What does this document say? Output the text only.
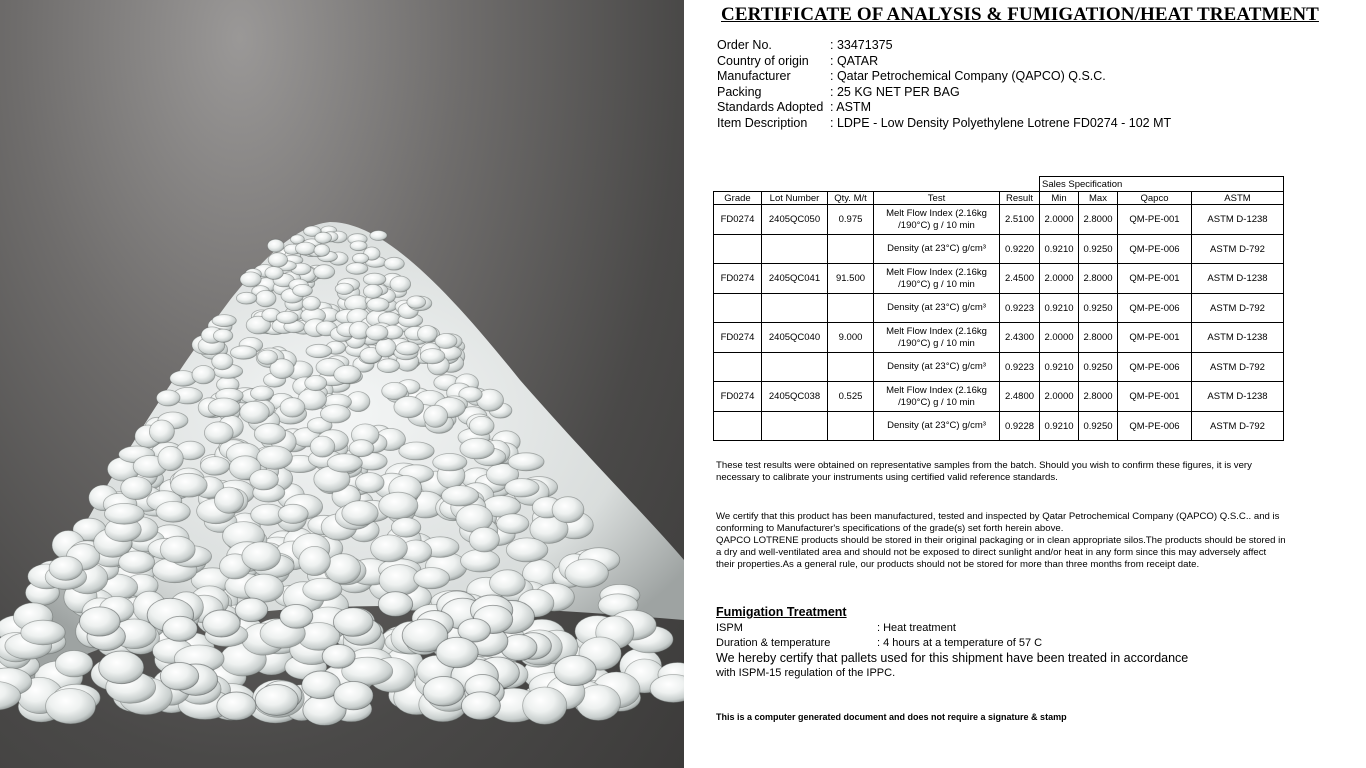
CERTIFICATE OF ANALYSIS & FUMIGATION/HEAT TREATMENT
Order No.	: 33471375
Country of origin	: QATAR
Manufacturer	: Qatar Petrochemical Company (QAPCO) Q.S.C.
Packing	: 25 KG NET PER BAG
Standards Adopted : ASTM
Item Description	: LDPE - Low Density Polyethylene Lotrene FD0274 - 102 MT
					Sales Specification			
Grade	Lot Number	Qty. M/t	Test	Result	Min	Max	Qapco	ASTM
FD0274	2405QC050	0.975	Melt Flow Index (2.16kg /190°C) g / 10 min	2.5100	2.0000	2.8000	QM-PE-001	ASTM D-1238
			Density (at 23°C) g/cm³	0.9220	0.9210	0.9250	QM-PE-006	ASTM D-792
FD0274	2405QC041	91.500	Melt Flow Index (2.16kg /190°C) g / 10 min	2.4500	2.0000	2.8000	QM-PE-001	ASTM D-1238
			Density (at 23°C) g/cm³	0.9223	0.9210	0.9250	QM-PE-006	ASTM D-792
FD0274	2405QC040	9.000	Melt Flow Index (2.16kg /190°C) g / 10 min	2.4300	2.0000	2.8000	QM-PE-001	ASTM D-1238
			Density (at 23°C) g/cm³	0.9223	0.9210	0.9250	QM-PE-006	ASTM D-792
FD0274	2405QC038	0.525	Melt Flow Index (2.16kg /190°C) g / 10 min	2.4800	2.0000	2.8000	QM-PE-001	ASTM D-1238
			Density (at 23°C) g/cm³	0.9228	0.9210	0.9250	QM-PE-006	ASTM D-792
These test results were obtained on representative samples from the batch. Should you wish to confirm these figures, it is very necessary to calibrate your instruments using certified valid reference standards.
We certify that this product has been manufactured, tested and inspected by Qatar Petrochemical Company (QAPCO) Q.S.C.. and is conforming to Manufacturer's specifications of the grade(s) set forth herein above.
QAPCO LOTRENE products should be stored in their original packaging or in clean appropriate silos.The products should be stored in a dry and well-ventilated area and should not be exposed to direct sunlight and/or heat in any form since this may adversely affect their properties.As a general rule, our products should not be stored for more than three months from receipt date.
Fumigation Treatment
ISPM	: Heat treatment
Duration & temperature	: 4 hours at a temperature of 57 C
We hereby certify that pallets used for this shipment have been treated in accordance
with ISPM-15 regulation of the IPPC.
This is a computer generated document and does not require a signature & stamp
